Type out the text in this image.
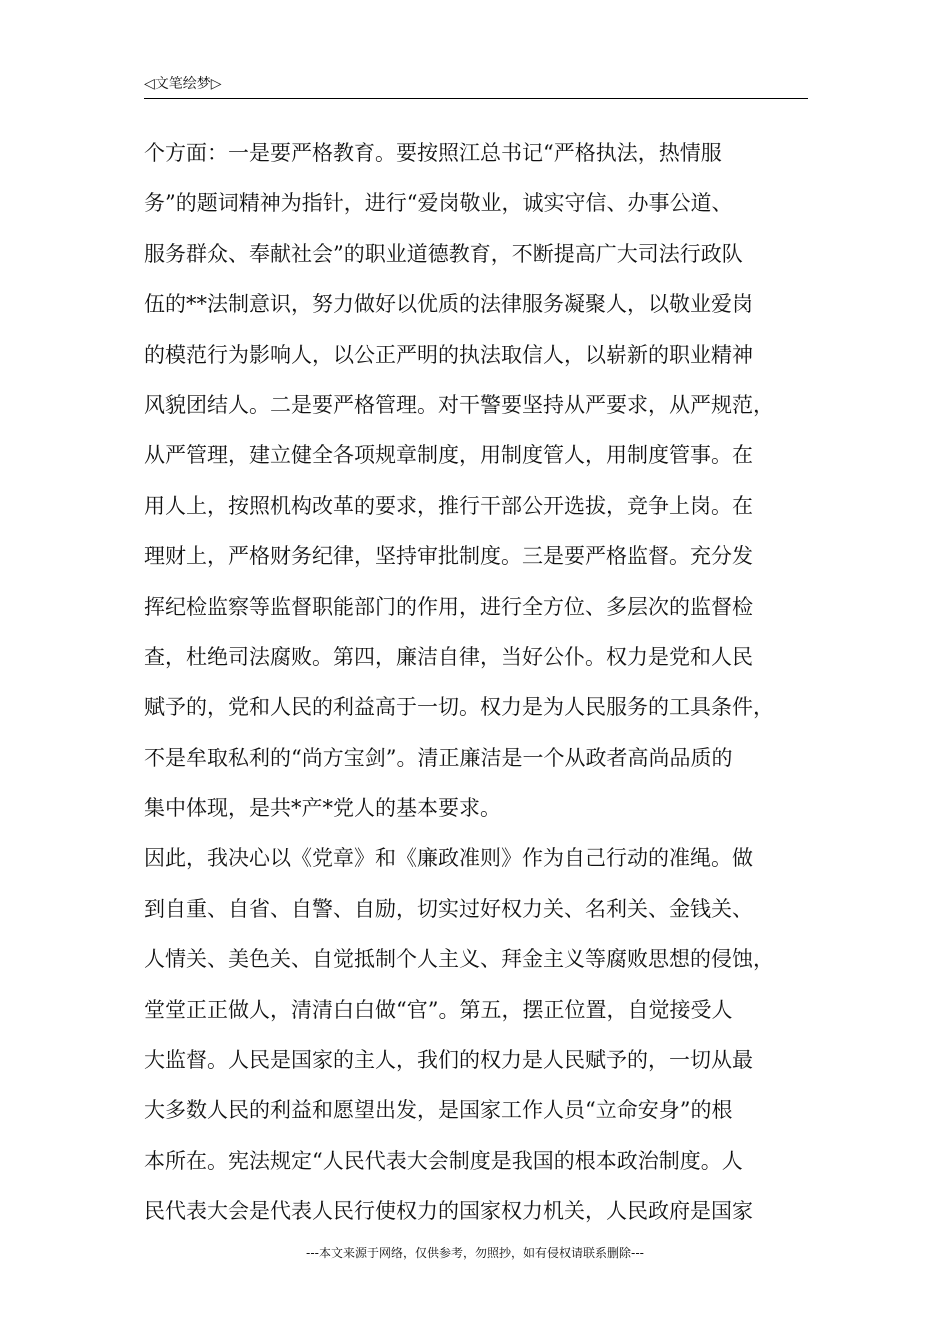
◁文笔绘梦▷
个方面：一是要严格教育。要按照江总书记“严格执法，热情服
务”的题词精神为指针，进行“爱岗敬业，诚实守信、办事公道、
服务群众、奉献社会”的职业道德教育，不断提高广大司法行政队
伍的**法制意识，努力做好以优质的法律服务凝聚人，以敬业爱岗
的模范行为影响人，以公正严明的执法取信人，以崭新的职业精神
风貌团结人。二是要严格管理。对干警要坚持从严要求，从严规范，
从严管理，建立健全各项规章制度，用制度管人，用制度管事。在
用人上，按照机构改革的要求，推行干部公开选拔，竞争上岗。在
理财上，严格财务纪律，坚持审批制度。三是要严格监督。充分发
挥纪检监察等监督职能部门的作用，进行全方位、多层次的监督检
查，杜绝司法腐败。第四，廉洁自律，当好公仆。权力是党和人民
赋予的，党和人民的利益高于一切。权力是为人民服务的工具条件，
不是牟取私利的“尚方宝剑”。清正廉洁是一个从政者高尚品质的
集中体现，是共*产*党人的基本要求。
因此，我决心以《党章》和《廉政准则》作为自己行动的准绳。做
到自重、自省、自警、自励，切实过好权力关、名利关、金钱关、
人情关、美色关、自觉抵制个人主义、拜金主义等腐败思想的侵蚀，
堂堂正正做人，清清白白做“官”。第五，摆正位置，自觉接受人
大监督。人民是国家的主人，我们的权力是人民赋予的，一切从最
大多数人民的利益和愿望出发，是国家工作人员“立命安身”的根
本所在。宪法规定“人民代表大会制度是我国的根本政治制度。人
民代表大会是代表人民行使权力的国家权力机关，人民政府是国家
---本文来源于网络，仅供参考，勿照抄，如有侵权请联系删除---
